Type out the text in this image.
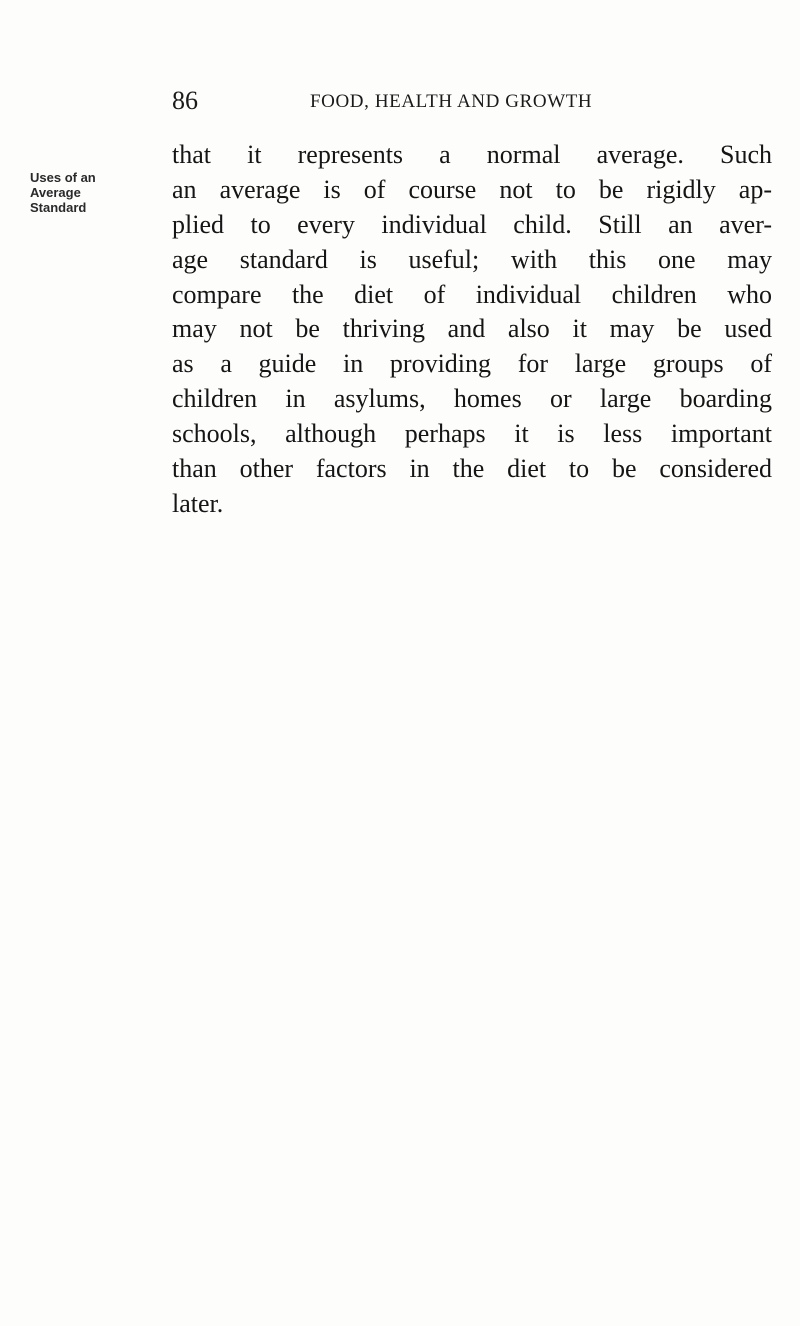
86	FOOD, HEALTH AND GROWTH
Uses of an
Average
Standard
that it represents a normal average. Such
an average is of course not to be rigidly ap-
plied to every individual child. Still an aver-
age standard is useful; with this one may
compare the diet of individual children who
may not be thriving and also it may be used
as a guide in providing for large groups of
children in asylums, homes or large boarding
schools, although perhaps it is less important
than other factors in the diet to be considered
later.
